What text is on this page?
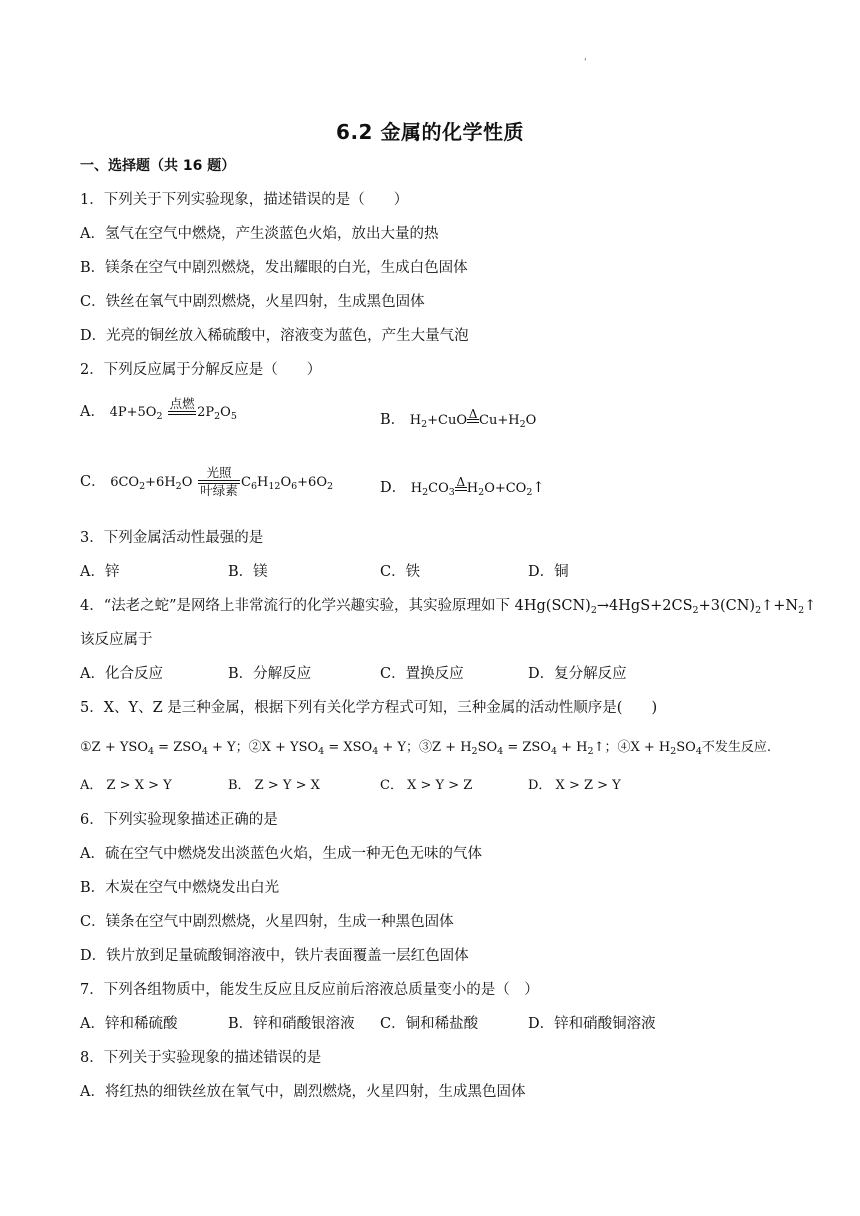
'
6.2 金属的化学性质
一、选择题（共 16 题）
1．下列关于下列实验现象，描述错误的是（　　）
A．氢气在空气中燃烧，产生淡蓝色火焰，放出大量的热
B．镁条在空气中剧烈燃烧，发出耀眼的白光，生成白色固体
C．铁丝在氧气中剧烈燃烧，火星四射，生成黑色固体
D．光亮的铜丝放入稀硫酸中，溶液变为蓝色，产生大量气泡
2．下列反应属于分解反应是（　　）
A． $4P+5O_2$
点燃
$2P_2O_5$	B． $H_2+CuO$ Δ $Cu+H_2O$
C． $6CO_2+6H_2O$
光照
叶绿素
$C_6H_{12}O_6+6O_2$	D． $H_2CO_3$
Δ $H_2O+CO_2↑$
3．下列金属活动性最强的是
A．锌	B．镁	C．铁	D．铜
4．“法老之蛇”是网络上非常流行的化学兴趣实验，其实验原理如下 $4Hg(SCN)_2\to 4HgS+2CS_2+3(CN)_2↑+N_2↑$
该反应属于
A．化合反应	B．分解反应	C．置换反应	D．复分解反应
5．X、Y、Z 是三种金属，根据下列有关化学方程式可知，三种金属的活动性顺序是(　　)
①Z + $YSO_4 = ZSO_4 + Y$；②X + $YSO_4 = XSO_4 + Y$；③Z + $H_2SO_4 = ZSO_4$ + $H_2↑$；④X + $H_2SO_4$不发生反应.
A． Z > X > Y	B． Z > Y > X	C． X > Y > Z	D． X > Z > Y
6．下列实验现象描述正确的是
A．硫在空气中燃烧发出淡蓝色火焰，生成一种无色无味的气体
B．木炭在空气中燃烧发出白光
C．镁条在空气中剧烈燃烧，火星四射，生成一种黑色固体
D．铁片放到足量硫酸铜溶液中，铁片表面覆盖一层红色固体
7．下列各组物质中，能发生反应且反应前后溶液总质量变小的是（　）
A．锌和稀硫酸	B．锌和硝酸银溶液 C．铜和稀盐酸	D．锌和硝酸铜溶液
8．下列关于实验现象的描述错误的是
A．将红热的细铁丝放在氧气中，剧烈燃烧，火星四射，生成黑色固体
